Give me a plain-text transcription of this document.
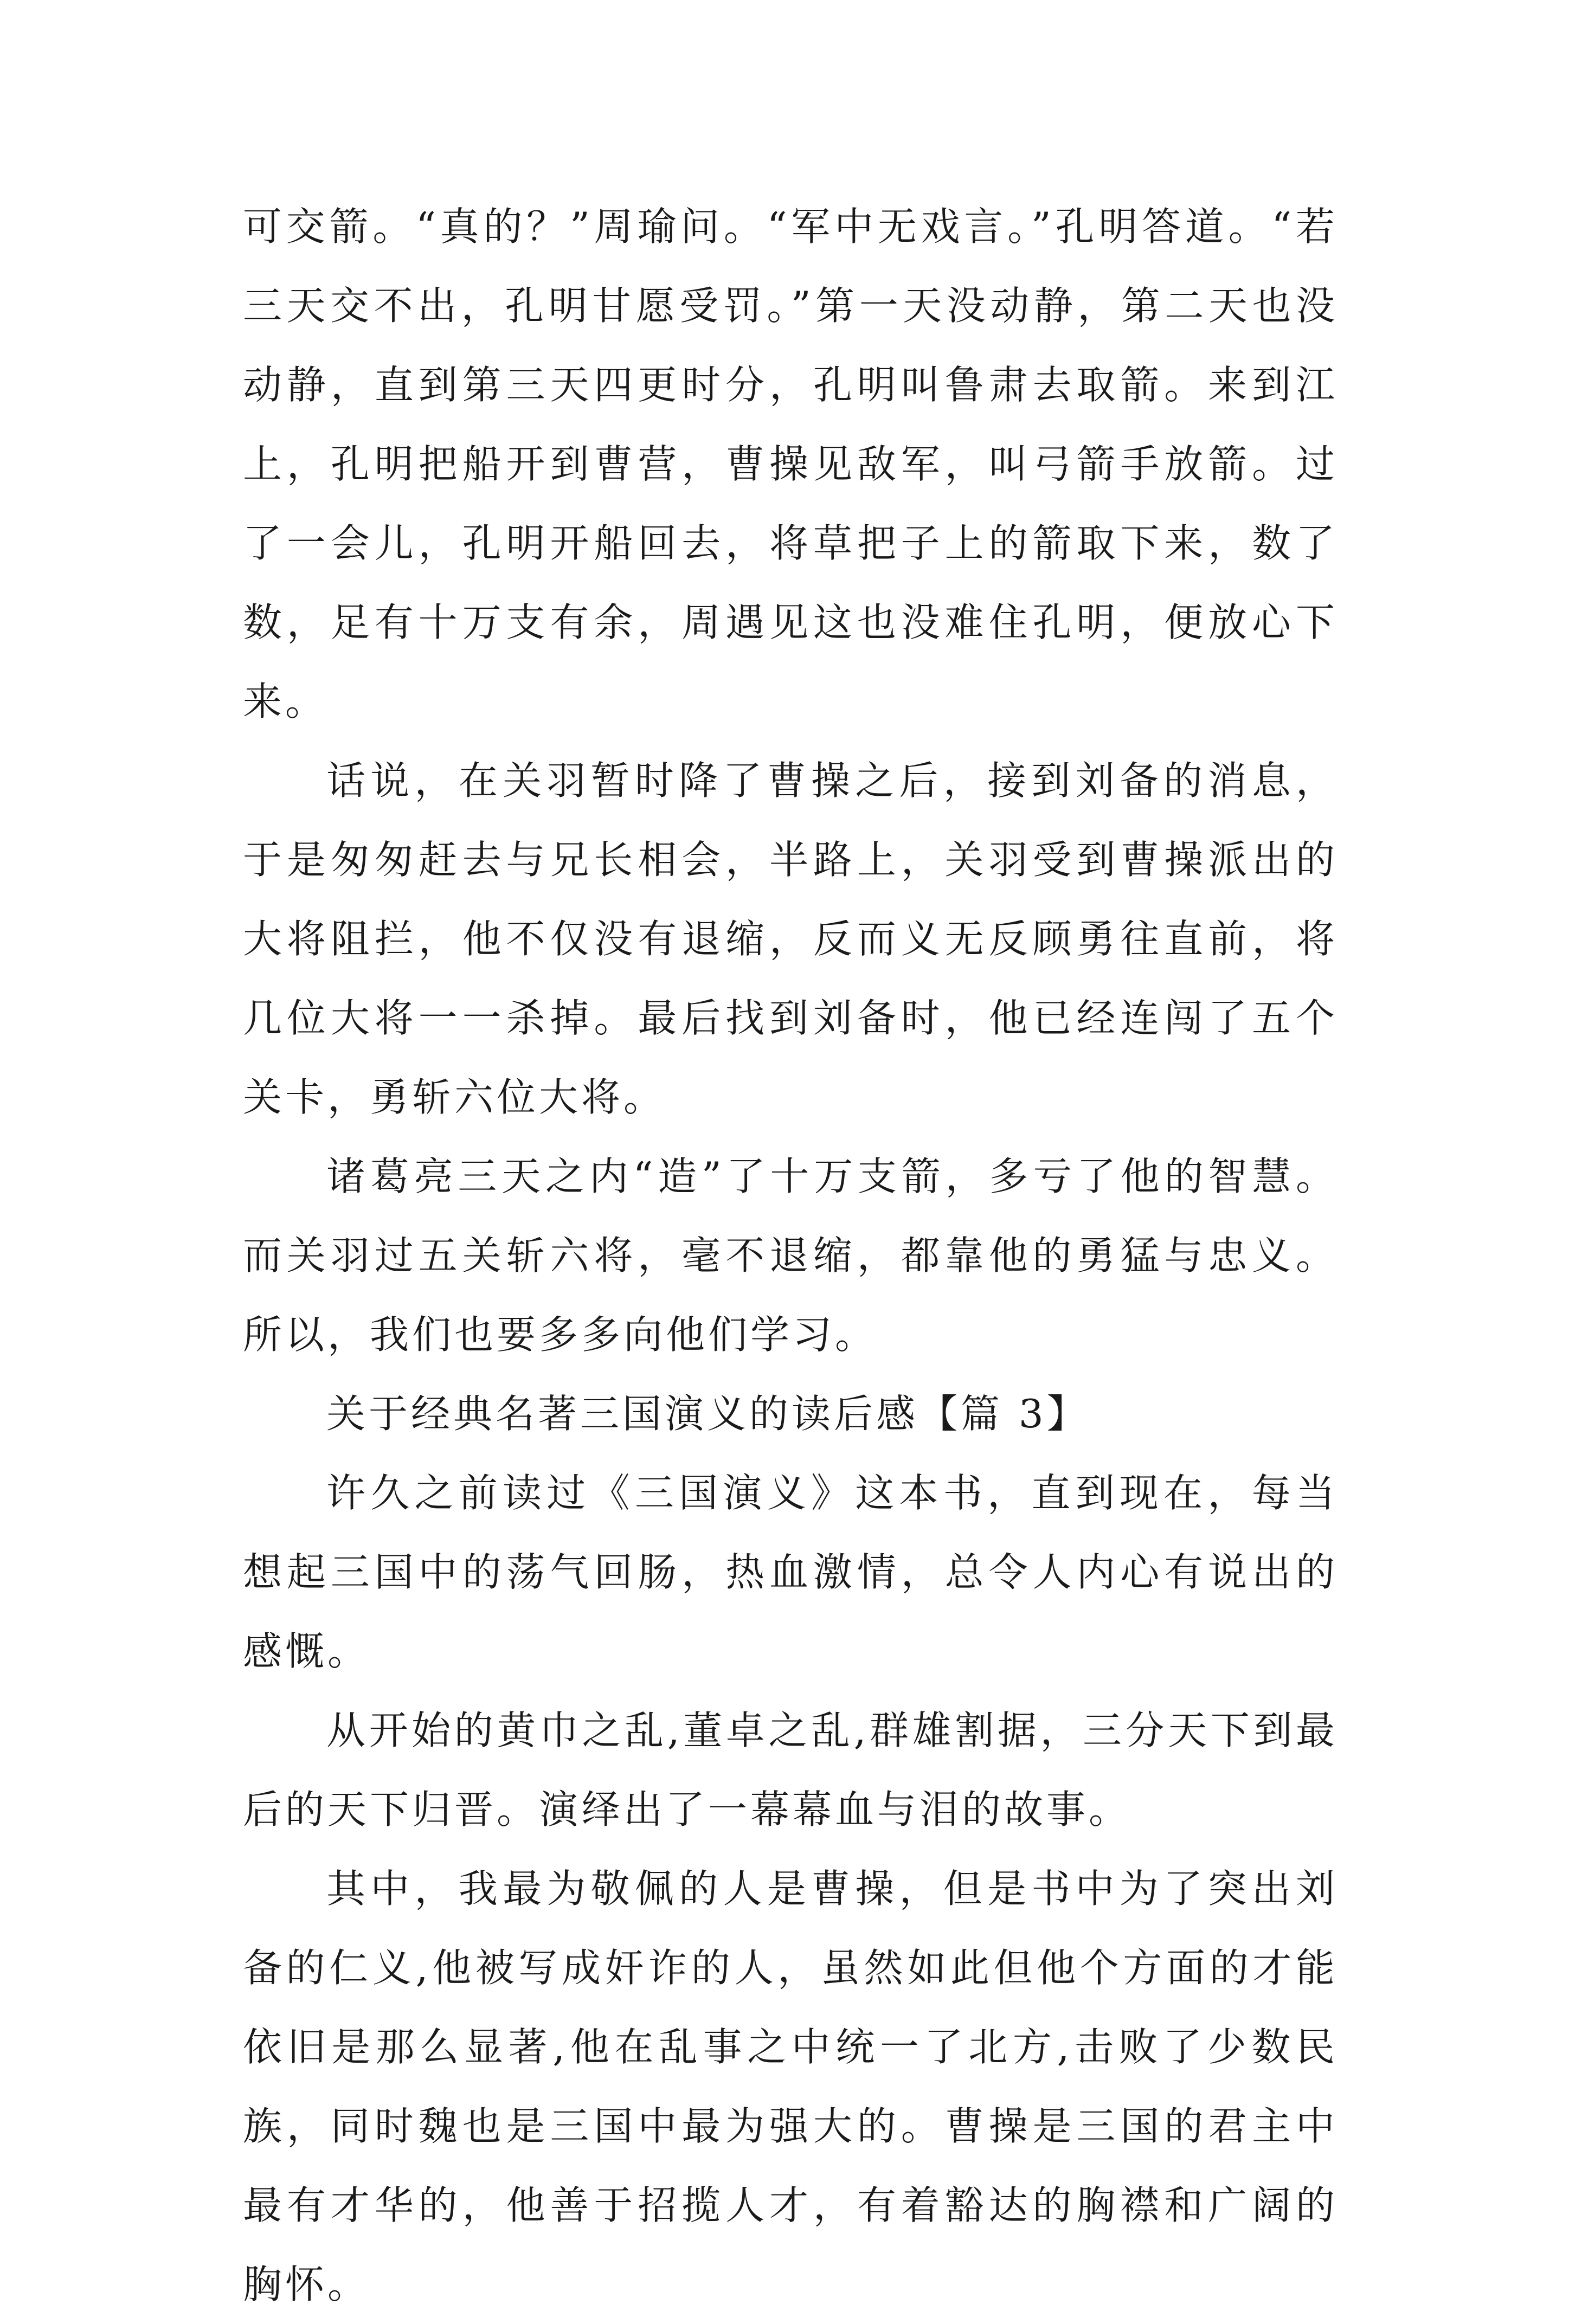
可交箭。“真的？”周瑜问。“军中无戏言。”孔明答道。“若三天交不出，孔明甘愿受罚。”第一天没动静，第二天也没动静，直到第三天四更时分，孔明叫鲁肃去取箭。来到江上，孔明把船开到曹营，曹操见敌军，叫弓箭手放箭。过了一会儿，孔明开船回去，将草把子上的箭取下来，数了数，足有十万支有余，周遇见这也没难住孔明，便放心下来。

话说，在关羽暂时降了曹操之后，接到刘备的消息，于是匆匆赶去与兄长相会，半路上，关羽受到曹操派出的大将阻拦，他不仅没有退缩，反而义无反顾勇往直前，将几位大将一一杀掉。最后找到刘备时，他已经连闯了五个关卡，勇斩六位大将。

诸葛亮三天之内“造”了十万支箭，多亏了他的智慧。而关羽过五关斩六将，毫不退缩，都靠他的勇猛与忠义。所以，我们也要多多向他们学习。

关于经典名著三国演义的读后感【篇 3】

许久之前读过《三国演义》这本书，直到现在，每当想起三国中的荡气回肠，热血激情，总令人内心有说出的感慨。

从开始的黄巾之乱,董卓之乱,群雄割据，三分天下到最后的天下归晋。演绎出了一幕幕血与泪的故事。

其中，我最为敬佩的人是曹操，但是书中为了突出刘备的仁义,他被写成奸诈的人，虽然如此但他个方面的才能依旧是那么显著,他在乱事之中统一了北方,击败了少数民族，同时魏也是三国中最为强大的。曹操是三国的君主中最有才华的，他善于招揽人才，有着豁达的胸襟和广阔的胸怀。
